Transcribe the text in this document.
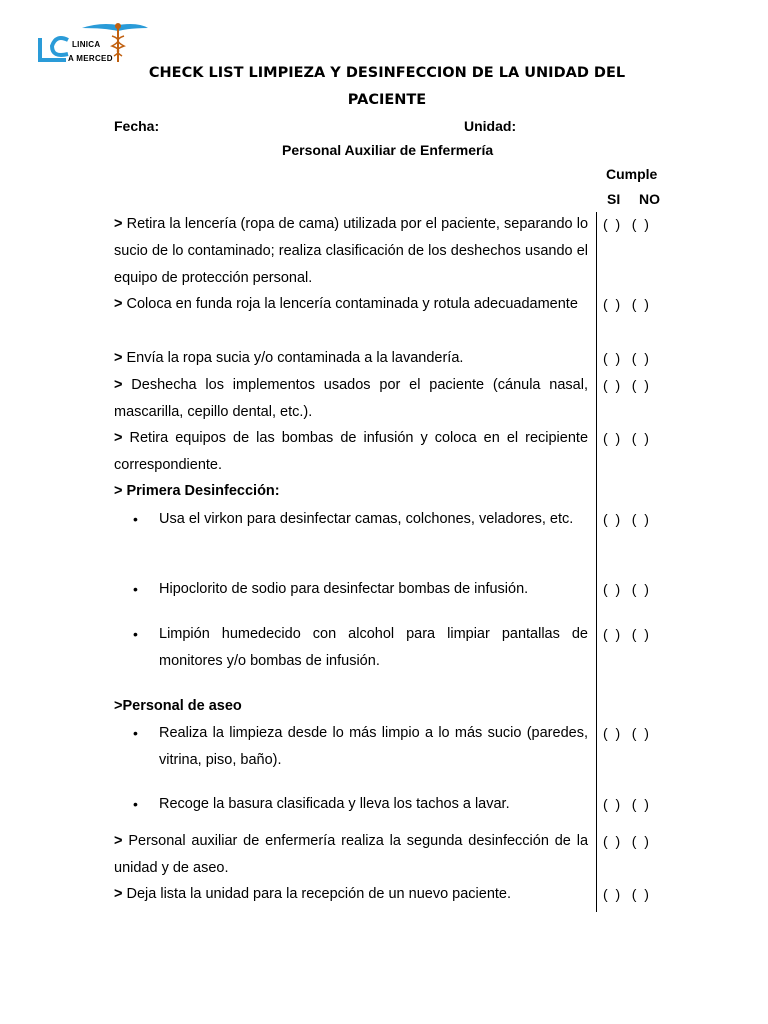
LINICA
A MERCED
CHECK LIST LIMPIEZA Y DESINFECCION DE LA UNIDAD DEL PACIENTE
Fecha:	Unidad:
Personal Auxiliar de Enfermería
Cumple
SI NO
> Retira la lencería (ropa de cama) utilizada por el paciente, separando lo sucio de lo contaminado; realiza clasificación de los deshechos usando el equipo de protección personal.
(  )   (  )
> Coloca en funda roja la lencería contaminada y rotula adecuadamente	(  )   (  )
> Envía la ropa sucia y/o contaminada a la lavandería.	(  )   (  )
> Deshecha los implementos usados por el paciente (cánula nasal, mascarilla, cepillo dental, etc.).
(  )   (  )
> Retira equipos de las bombas de infusión y coloca en el recipiente correspondiente.
(  )   (  )
> Primera Desinfección:
• Usa el virkon para desinfectar camas, colchones, veladores, etc.	(  )   (  )
• Hipoclorito de sodio para desinfectar bombas de infusión.	(  )   (  )
• Limpión humedecido con alcohol para limpiar pantallas de monitores y/o bombas de infusión.
(  )   (  )
>Personal de aseo
• Realiza la limpieza desde lo más limpio a lo más sucio (paredes, vitrina, piso, baño).
(  )   (  )
• Recoge la basura clasificada y lleva los tachos a lavar.	(  )   (  )
> Personal auxiliar de enfermería realiza la segunda desinfección de la unidad y de aseo.
(  )   (  )
> Deja lista la unidad para la recepción de un nuevo paciente.	(  )   (  )
